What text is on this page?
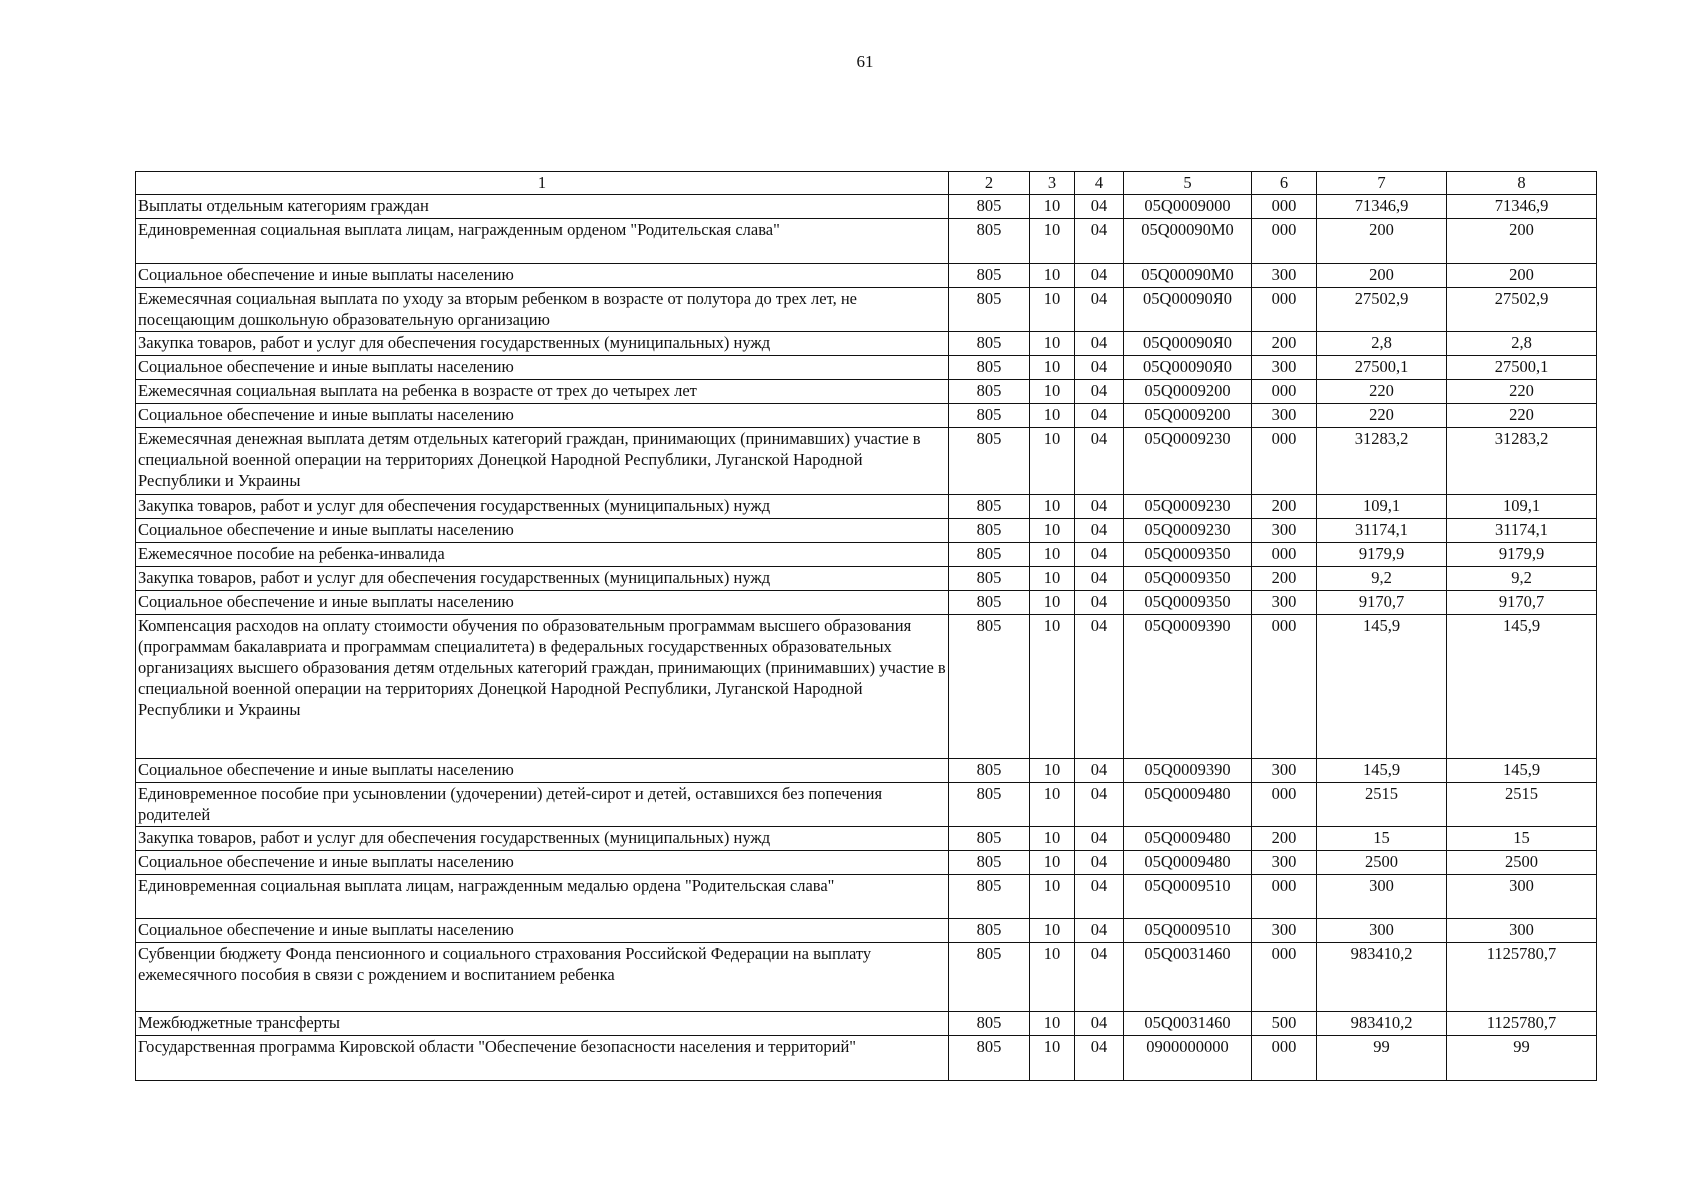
61
1	2	3	4	5	6	7	8
Выплаты отдельным категориям граждан	805	10	04	05Q0009000	000	71346,9	71346,9
Единовременная социальная выплата лицам, награжденным орденом "Родительская слава"	805	10	04	05Q00090M0	000	200	200
Социальное обеспечение и иные выплаты населению	805	10	04	05Q00090M0	300	200	200
Ежемесячная социальная выплата по уходу за вторым ребенком в возрасте от полутора до трех лет, не посещающим дошкольную образовательную организацию	805	10	04	05Q00090Я0	000	27502,9	27502,9
Закупка товаров, работ и услуг для обеспечения государственных (муниципальных) нужд	805	10	04	05Q00090Я0	200	2,8	2,8
Социальное обеспечение и иные выплаты населению	805	10	04	05Q00090Я0	300	27500,1	27500,1
Ежемесячная социальная выплата на ребенка в возрасте от трех до четырех лет	805	10	04	05Q0009200	000	220	220
Социальное обеспечение и иные выплаты населению	805	10	04	05Q0009200	300	220	220
Ежемесячная денежная выплата детям отдельных категорий граждан, принимающих (принимавших) участие в специальной военной операции на территориях Донецкой Народной Республики, Луганской Народной Республики и Украины	805	10	04	05Q0009230	000	31283,2	31283,2
Закупка товаров, работ и услуг для обеспечения государственных (муниципальных) нужд	805	10	04	05Q0009230	200	109,1	109,1
Социальное обеспечение и иные выплаты населению	805	10	04	05Q0009230	300	31174,1	31174,1
Ежемесячное пособие на ребенка-инвалида	805	10	04	05Q0009350	000	9179,9	9179,9
Закупка товаров, работ и услуг для обеспечения государственных (муниципальных) нужд	805	10	04	05Q0009350	200	9,2	9,2
Социальное обеспечение и иные выплаты населению	805	10	04	05Q0009350	300	9170,7	9170,7
Компенсация расходов на оплату стоимости обучения по образовательным программам высшего образования (программам бакалавриата и программам специалитета) в федеральных государственных образовательных организациях высшего образования детям отдельных категорий граждан, принимающих (принимавших) участие в специальной военной операции на территориях Донецкой Народной Республики, Луганской Народной Республики и Украины	805	10	04	05Q0009390	000	145,9	145,9
Социальное обеспечение и иные выплаты населению	805	10	04	05Q0009390	300	145,9	145,9
Единовременное пособие при усыновлении (удочерении) детей-сирот и детей, оставшихся без попечения родителей	805	10	04	05Q0009480	000	2515	2515
Закупка товаров, работ и услуг для обеспечения государственных (муниципальных) нужд	805	10	04	05Q0009480	200	15	15
Социальное обеспечение и иные выплаты населению	805	10	04	05Q0009480	300	2500	2500
Единовременная социальная выплата лицам, награжденным медалью ордена "Родительская слава"	805	10	04	05Q0009510	000	300	300
Социальное обеспечение и иные выплаты населению	805	10	04	05Q0009510	300	300	300
Субвенции бюджету Фонда пенсионного и социального страхования Российской Федерации на выплату ежемесячного пособия в связи с рождением и воспитанием ребенка	805	10	04	05Q0031460	000	983410,2	1125780,7
Межбюджетные трансферты	805	10	04	05Q0031460	500	983410,2	1125780,7
Государственная программа Кировской области "Обеспечение безопасности населения и территорий"	805	10	04	0900000000	000	99	99
